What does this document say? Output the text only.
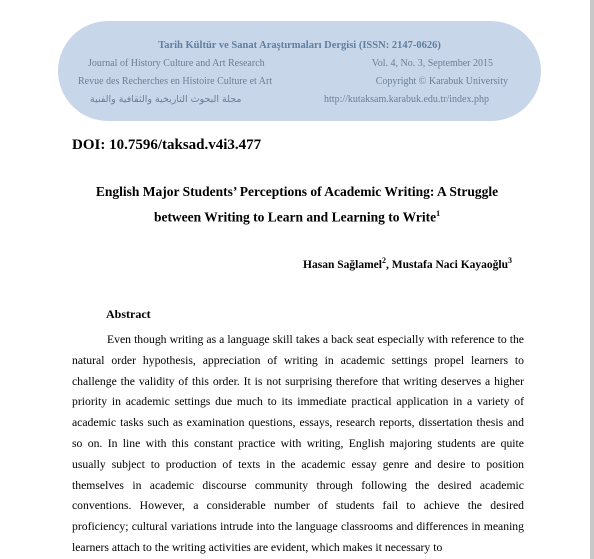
Tarih Kültür ve Sanat Araştırmaları Dergisi (ISSN: 2147-0626)
Journal of History Culture and Art Research
Revue des Recherches en Histoire Culture et Art
مجلة البحوث التاريخية والثقافية والفنية
Vol. 4, No. 3, September 2015
Copyright © Karabuk University
http://kutaksam.karabuk.edu.tr/index.php
DOI: 10.7596/taksad.v4i3.477
English Major Students’ Perceptions of Academic Writing: A Struggle
between Writing to Learn and Learning to Write$^1$
Hasan Sağlamel$^2$, Mustafa Naci Kayaoğlu$^3$
Abstract

Even though writing as a language skill takes a back seat especially with reference to the natural order hypothesis, appreciation of writing in academic settings propel learners to challenge the validity of this order. It is not surprising therefore that writing deserves a higher priority in academic settings due much to its immediate practical application in a variety of academic tasks such as examination questions, essays, research reports, dissertation thesis and so on. In line with this constant practice with writing, English majoring students are quite usually subject to production of texts in the academic essay genre and desire to position themselves in academic discourse community through following the desired academic conventions. However, a considerable number of students fail to achieve the desired proficiency; cultural variations intrude into the language classrooms and differences in meaning learners attach to the writing activities are evident, which makes it necessary to
